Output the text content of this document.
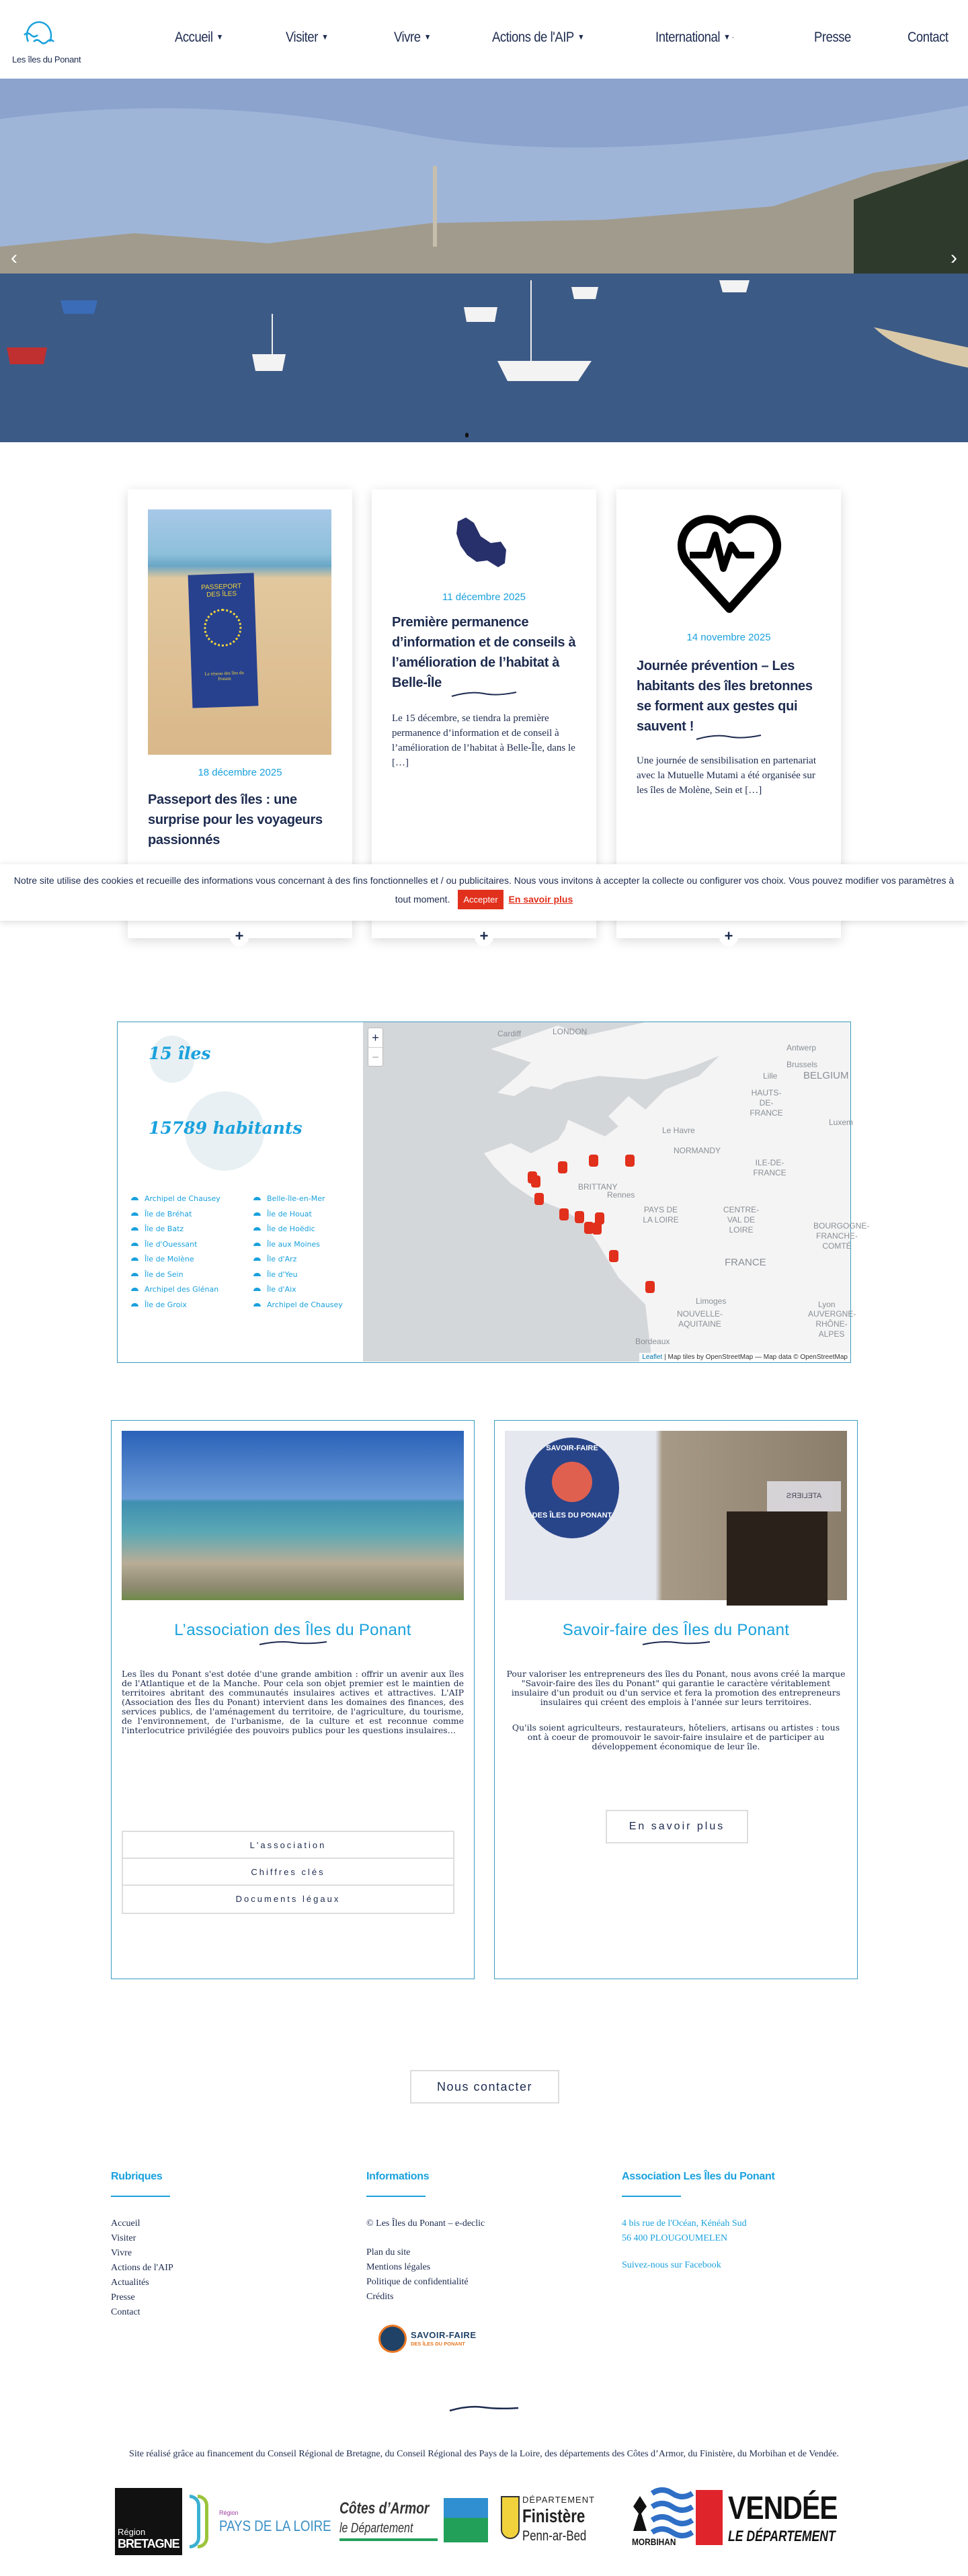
Les îles du Ponant
Accueil ▼	Visiter ▼	Vivre ▼	Actions de l'AIP ▼	International ▼ ·	Presse	Contact
‹	›
PASSEPORT DES ÎLES
Le réseau des îles du Ponant
18 décembre 2025
Passeport des îles : une surprise pour les voyageurs passionnés
11 décembre 2025
Première permanence d’information et de conseils à l’amélioration de l’habitat à Belle-Île

Le 15 décembre, se tiendra la première permanence d’information et de conseil à l’amélioration de l’habitat à Belle-Île, dans le […]

14 novembre 2025
Journée prévention – Les habitants des îles bretonnes se forment aux gestes qui sauvent !

Une journée de sensibilisation en partenariat avec la Mutuelle Mutami a été organisée sur les îles de Molène, Sein et […]

+	+	+
Notre site utilise des cookies et recueille des informations vous concernant à des fins fonctionnelles et / ou publicitaires. Nous vous invitons à accepter la collecte ou configurer vos choix. Vous pouvez modifier vos paramètres à tout moment. Accepter En savoir plus
15 îles
15789 habitants
Archipel de Chausey
Île de Bréhat
Île de Batz
Île d'Ouessant
Île de Molène
Île de Sein
Archipel des Glénan
Île de Groix
Belle-île-en-Mer
Île de Houat
Île de Hoëdic
Île aux Moines
Île d'Arz
Île d'Yeu
Île d'Aix
Archipel de Chausey
Cardiff	LONDON
Antwerp
Brussels
Lille	BELGIUM
HAUTS-DE-FRANCE
Le Havre
NORMANDY
ILE-DE-FRANCE
BRITTANY
Rennes
PAYS DE LA LOIRE
CENTRE-VAL DE LOIRE	BOURGOGNE-FRANCHE-COMTÉ
FRANCE
Limoges	Lyon
NOUVELLE-AQUITAINE
AUVERGNE-RHÔNE-ALPES
Bordeaux
Luxem
+
−
Leaflet | Map tiles by OpenStreetMap — Map data © OpenStreetMap
L’association des Îles du Ponant

Les îles du Ponant s'est dotée d'une grande ambition : offrir un avenir aux îles de l'Atlantique et de la Manche. Pour cela son objet premier est le maintien de territoires abritant des communautés insulaires actives et attractives. L'AIP (Association des Îles du Ponant) intervient dans les domaines des finances, des services publics, de l'aménagement du territoire, de l'agriculture, du tourisme, de l'environnement, de l'urbanisme, de la culture et est reconnue comme l'interlocutrice privilégiée des pouvoirs publics pour les questions insulaires…

L'association
Chiffres clés
Documents légaux
SAVOIR-FAIRE
DES ÎLES DU PONANT
ATELIERS
Savoir-faire des Îles du Ponant

Pour valoriser les entrepreneurs des îles du Ponant, nous avons créé la marque "Savoir-faire des îles du Ponant" qui garantie le caractère véritablement insulaire d'un produit ou d'un service et fera la promotion des entrepreneurs insulaires qui créent des emplois à l'année sur leurs territoires.

Qu'ils soient agriculteurs, restaurateurs, hôteliers, artisans ou artistes : tous ont à coeur de promouvoir le savoir-faire insulaire et de participer au développement économique de leur île.

En savoir plus
Nous contacter
Rubriques
Accueil
Visiter
Vivre
Actions de l'AIP
Actualités
Presse
Contact
Informations
© Les Îles du Ponant – e-declic
Plan du site
Mentions légales
Politique de confidentialité
Crédits
SAVOIR-FAIRE
DES ÎLES DU PONANT
Association Les Îles du Ponant
4 bis rue de l'Océan, Kénéah Sud
56 400 PLOUGOUMELEN
Suivez-nous sur Facebook
Site réalisé grâce au financement du Conseil Régional de Bretagne, du Conseil Régional des Pays de la Loire, des départements des Côtes d’Armor, du Finistère, du Morbihan et de Vendée.
Région
BRETAGNE
Région
PAYS DE LA LOIRE
Côtes d’Armor
le Département
DÉPARTEMENT
Finistère
Penn-ar-Bed	MORBIHAN
VENDÉE
LE DÉPARTEMENT
